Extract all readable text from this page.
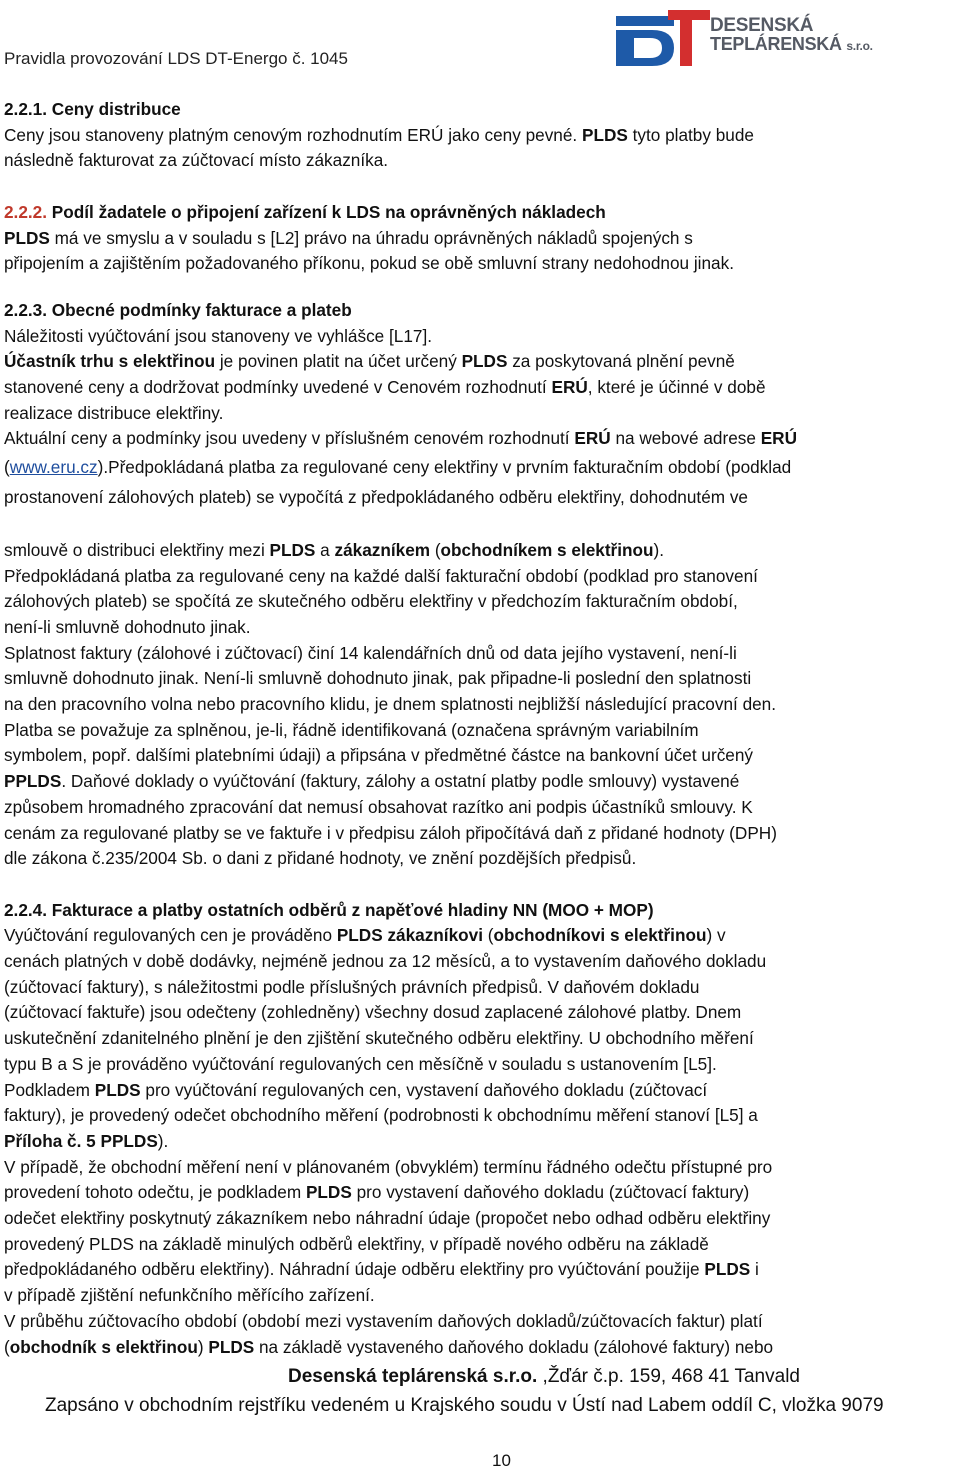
Pravidla provozování LDS DT-Energo č. 1045
DESENSKÁ
TEPLÁRENSKÁ s.r.o.

2.2.1. Ceny distribuce

Ceny jsou stanoveny platným cenovým rozhodnutím ERÚ jako ceny pevné. PLDS tyto platby bude

následně fakturovat za zúčtovací místo zákazníka.

2.2.2. Podíl žadatele o připojení zařízení k LDS na oprávněných nákladech

PLDS má ve smyslu a v souladu s [L2] právo na úhradu oprávněných nákladů spojených s

připojením a zajištěním požadovaného příkonu, pokud se obě smluvní strany nedohodnou jinak.

2.2.3. Obecné podmínky fakturace a plateb

Náležitosti vyúčtování jsou stanoveny ve vyhlášce [L17].

Účastník trhu s elektřinou je povinen platit na účet určený PLDS za poskytovaná plnění pevně

stanovené ceny a dodržovat podmínky uvedené v Cenovém rozhodnutí ERÚ, které je účinné v době

realizace distribuce elektřiny.

Aktuální ceny a podmínky jsou uvedeny v příslušném cenovém rozhodnutí ERÚ na webové adrese ERÚ

(www.eru.cz).Předpokládaná platba za regulované ceny elektřiny v prvním fakturačním období (podklad

prostanovení zálohových plateb) se vypočítá z předpokládaného odběru elektřiny, dohodnutém ve

smlouvě o distribuci elektřiny mezi PLDS a zákazníkem (obchodníkem s elektřinou).

Předpokládaná platba za regulované ceny na každé další fakturační období (podklad pro stanovení

zálohových plateb) se spočítá ze skutečného odběru elektřiny v předchozím fakturačním období,

není-li smluvně dohodnuto jinak.

Splatnost faktury (zálohové i zúčtovací) činí 14 kalendářních dnů od data jejího vystavení, není-li

smluvně dohodnuto jinak. Není-li smluvně dohodnuto jinak, pak připadne-li poslední den splatnosti

na den pracovního volna nebo pracovního klidu, je dnem splatnosti nejbližší následující pracovní den.

Platba se považuje za splněnou, je-li, řádně identifikovaná (označena správným variabilním

symbolem, popř. dalšími platebními údaji) a připsána v předmětné částce na bankovní účet určený

PPLDS. Daňové doklady o vyúčtování (faktury, zálohy a ostatní platby podle smlouvy) vystavené

způsobem hromadného zpracování dat nemusí obsahovat razítko ani podpis účastníků smlouvy. K

cenám za regulované platby se ve faktuře i v předpisu záloh připočítává daň z přidané hodnoty (DPH)

dle zákona č.235/2004 Sb. o dani z přidané hodnoty, ve znění pozdějších předpisů.

2.2.4. Fakturace a platby ostatních odběrů z napěťové hladiny NN (MOO + MOP)

Vyúčtování regulovaných cen je prováděno PLDS zákazníkovi (obchodníkovi s elektřinou) v

cenách platných v době dodávky, nejméně jednou za 12 měsíců, a to vystavením daňového dokladu

(zúčtovací faktury), s náležitostmi podle příslušných právních předpisů. V daňovém dokladu

(zúčtovací faktuře) jsou odečteny (zohledněny) všechny dosud zaplacené zálohové platby. Dnem

uskutečnění zdanitelného plnění je den zjištění skutečného odběru elektřiny. U obchodního měření

typu B a S je prováděno vyúčtování regulovaných cen měsíčně v souladu s ustanovením [L5].

Podkladem PLDS pro vyúčtování regulovaných cen, vystavení daňového dokladu (zúčtovací

faktury), je provedený odečet obchodního měření (podrobnosti k obchodnímu měření stanoví [L5] a

Příloha č. 5 PPLDS).

V případě, že obchodní měření není v plánovaném (obvyklém) termínu řádného odečtu přístupné pro

provedení tohoto odečtu, je podkladem PLDS pro vystavení daňového dokladu (zúčtovací faktury)

odečet elektřiny poskytnutý zákazníkem nebo náhradní údaje (propočet nebo odhad odběru elektřiny

provedený PLDS na základě minulých odběrů elektřiny, v případě nového odběru na základě

předpokládaného odběru elektřiny). Náhradní údaje odběru elektřiny pro vyúčtování použije PLDS i

v případě zjištění nefunkčního měřícího zařízení.

V průběhu zúčtovacího období (období mezi vystavením daňových dokladů/zúčtovacích faktur) platí

(obchodník s elektřinou) PLDS na základě vystaveného daňového dokladu (zálohové faktury) nebo

Desenská teplárenská s.r.o. ,Žďár č.p. 159, 468 41 Tanvald
Zapsáno v obchodním rejstříku vedeném u Krajského soudu v Ústí nad Labem oddíl C, vložka 9079
10
